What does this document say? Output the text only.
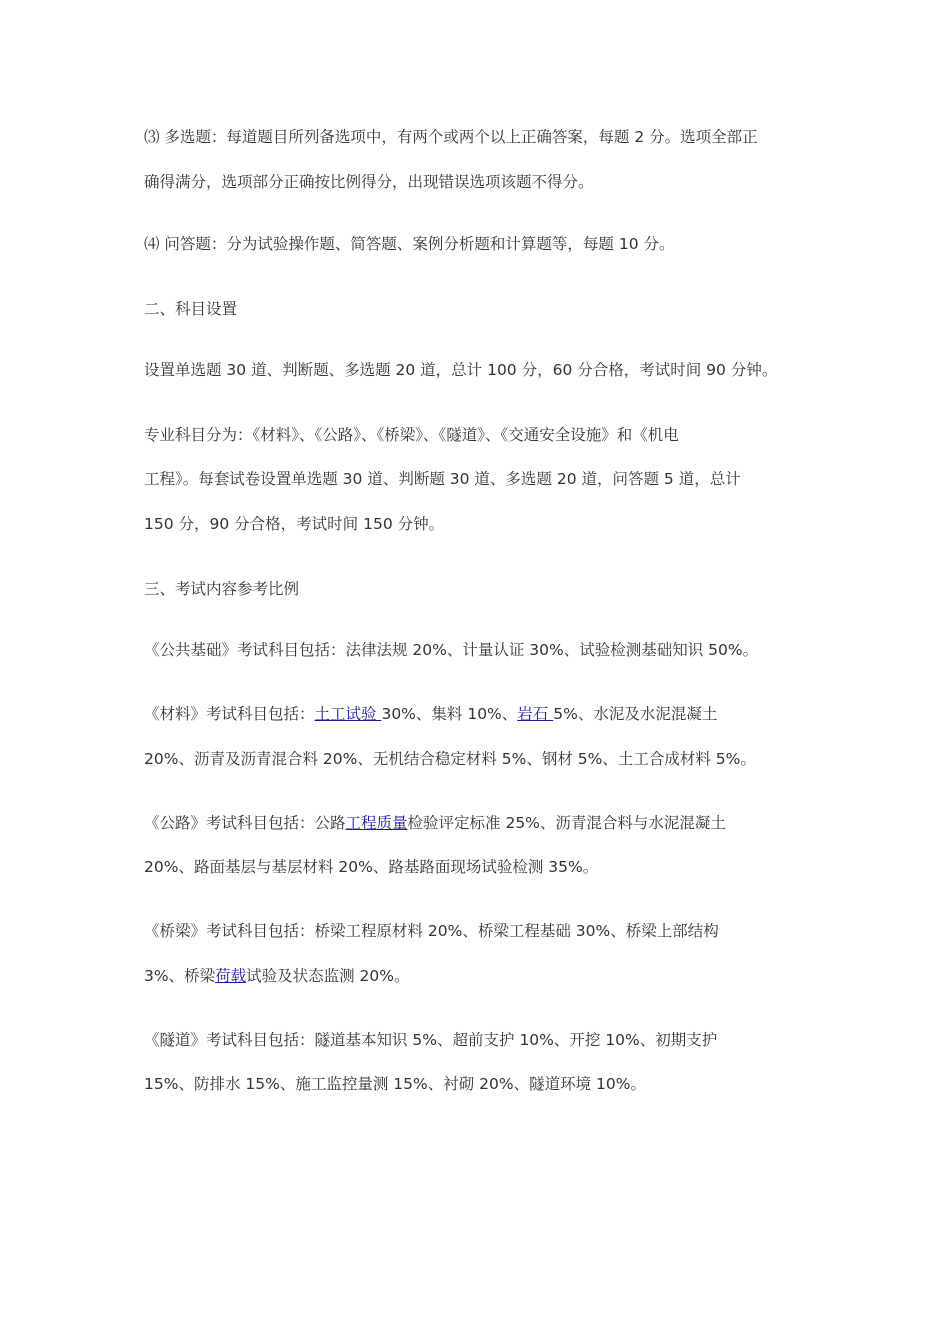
⑶ 多选题：每道题目所列备选项中，有两个或两个以上正确答案，每题 2 分。选项全部正
确得满分，选项部分正确按比例得分，出现错误选项该题不得分。
⑷ 问答题：分为试验操作题、简答题、案例分析题和计算题等，每题 10 分。
二、科目设置
设置单选题 30 道、判断题、多选题 20 道，总计 100 分，60 分合格，考试时间 90 分钟。
专业科目分为：《材料》、《公路》、《桥梁》、《隧道》、《交通安全设施》和《机电
工程》。每套试卷设置单选题 30 道、判断题 30 道、多选题 20 道，问答题 5 道，总计
150 分，90 分合格，考试时间 150 分钟。
三、考试内容参考比例
《公共基础》考试科目包括：法律法规 20%、计量认证 30%、试验检测基础知识 50%。
《材料》考试科目包括：土工试验 30%、集料 10%、岩石 5%、水泥及水泥混凝土
20%、沥青及沥青混合料 20%、无机结合稳定材料 5%、钢材 5%、土工合成材料 5%。
《公路》考试科目包括：公路工程质量检验评定标准 25%、沥青混合料与水泥混凝土
20%、路面基层与基层材料 20%、路基路面现场试验检测 35%。
《桥梁》考试科目包括：桥梁工程原材料 20%、桥梁工程基础 30%、桥梁上部结构
3%、桥梁荷载试验及状态监测 20%。
《隧道》考试科目包括：隧道基本知识 5%、超前支护 10%、开挖 10%、初期支护
15%、防排水 15%、施工监控量测 15%、衬砌 20%、隧道环境 10%。
